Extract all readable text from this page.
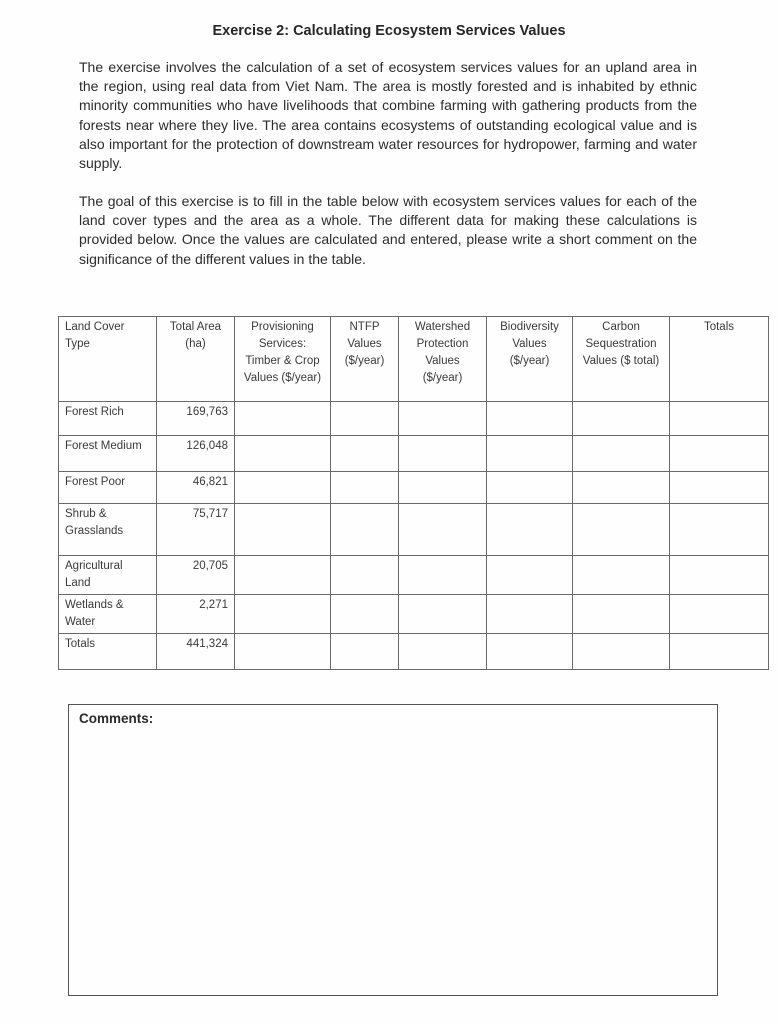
Exercise 2: Calculating Ecosystem Services Values
The exercise involves the calculation of a set of ecosystem services values for an upland area in the region, using real data from Viet Nam. The area is mostly forested and is inhabited by ethnic minority communities who have livelihoods that combine farming with gathering products from the forests near where they live. The area contains ecosystems of outstanding ecological value and is also important for the protection of downstream water resources for hydropower, farming and water supply.
The goal of this exercise is to fill in the table below with ecosystem services values for each of the land cover types and the area as a whole. The different data for making these calculations is provided below. Once the values are calculated and entered, please write a short comment on the significance of the different values in the table.
Land Cover Type	Total Area (ha)	Provisioning Services: Timber & Crop Values ($/year)	NTFP Values ($/year)	Watershed Protection Values ($/year)	Biodiversity Values ($/year)	Carbon Sequestration Values ($ total)	Totals
Forest Rich	169,763						
Forest Medium	126,048						
Forest Poor	46,821						
Shrub & Grasslands	75,717						
Agricultural Land	20,705						
Wetlands & Water	2,271						
Totals	441,324						
Comments:
